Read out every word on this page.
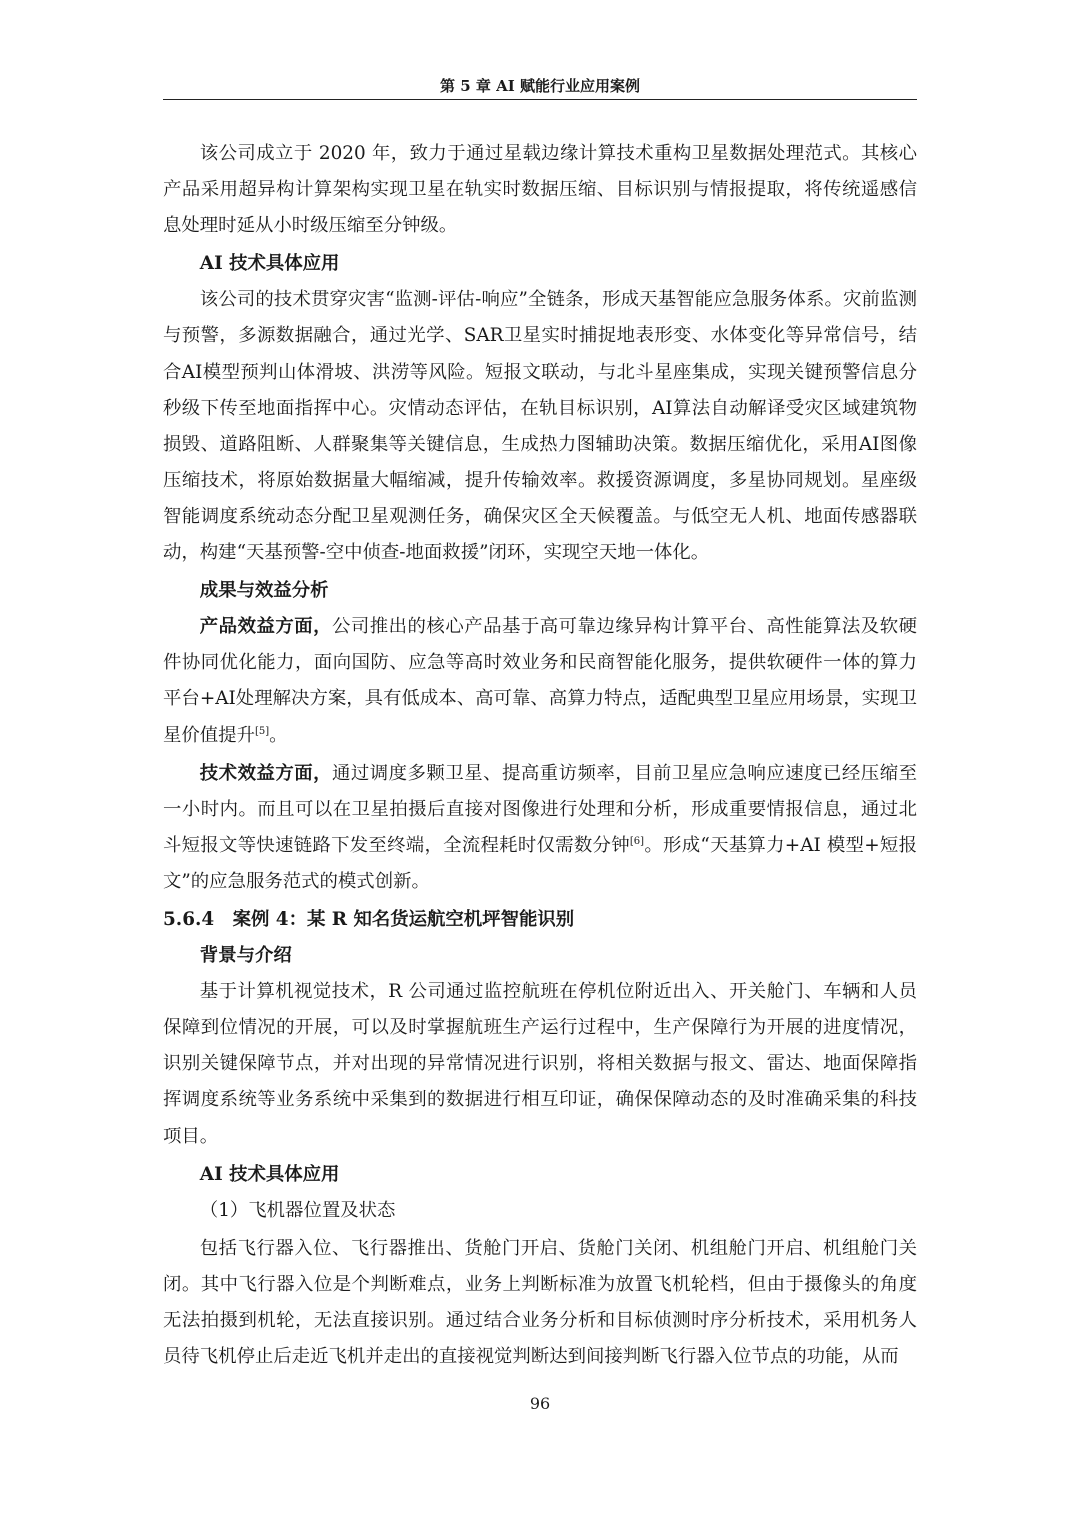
第 5 章 AI 赋能行业应用案例

该公司成立于 2020 年，致力于通过星载边缘计算技术重构卫星数据处理范式。其核心产品采用超异构计算架构实现卫星在轨实时数据压缩、目标识别与情报提取，将传统遥感信息处理时延从小时级压缩至分钟级。

AI 技术具体应用

该公司的技术贯穿灾害“监测-评估-响应”全链条，形成天基智能应急服务体系。灾前监测与预警，多源数据融合，通过光学、SAR卫星实时捕捉地表形变、水体变化等异常信号，结合AI模型预判山体滑坡、洪涝等风险。短报文联动，与北斗星座集成，实现关键预警信息分秒级下传至地面指挥中心。灾情动态评估，在轨目标识别，AI算法自动解译受灾区域建筑物损毁、道路阻断、人群聚集等关键信息，生成热力图辅助决策。数据压缩优化，采用AI图像压缩技术，将原始数据量大幅缩减，提升传输效率。救援资源调度，多星协同规划。星座级智能调度系统动态分配卫星观测任务，确保灾区全天候覆盖。与低空无人机、地面传感器联动，构建“天基预警-空中侦查-地面救援”闭环，实现空天地一体化。

成果与效益分析

产品效益方面，公司推出的核心产品基于高可靠边缘异构计算平台、高性能算法及软硬件协同优化能力，面向国防、应急等高时效业务和民商智能化服务，提供软硬件一体的算力平台+AI处理解决方案，具有低成本、高可靠、高算力特点，适配典型卫星应用场景，实现卫星价值提升[5]。

技术效益方面，通过调度多颗卫星、提高重访频率，目前卫星应急响应速度已经压缩至一小时内。而且可以在卫星拍摄后直接对图像进行处理和分析，形成重要情报信息，通过北斗短报文等快速链路下发至终端，全流程耗时仅需数分钟[6]。形成“天基算力+AI 模型+短报文”的应急服务范式的模式创新。

5.6.4 案例 4：某 R 知名货运航空机坪智能识别

背景与介绍

基于计算机视觉技术，R 公司通过监控航班在停机位附近出入、开关舱门、车辆和人员保障到位情况的开展，可以及时掌握航班生产运行过程中，生产保障行为开展的进度情况，识别关键保障节点，并对出现的异常情况进行识别，将相关数据与报文、雷达、地面保障指挥调度系统等业务系统中采集到的数据进行相互印证，确保保障动态的及时准确采集的科技项目。

AI 技术具体应用

（1）飞机器位置及状态

包括飞行器入位、飞行器推出、货舱门开启、货舱门关闭、机组舱门开启、机组舱门关闭。其中飞行器入位是个判断难点，业务上判断标准为放置飞机轮档，但由于摄像头的角度无法拍摄到机轮，无法直接识别。通过结合业务分析和目标侦测时序分析技术，采用机务人员待飞机停止后走近飞机并走出的直接视觉判断达到间接判断飞行器入位节点的功能，从而

96
